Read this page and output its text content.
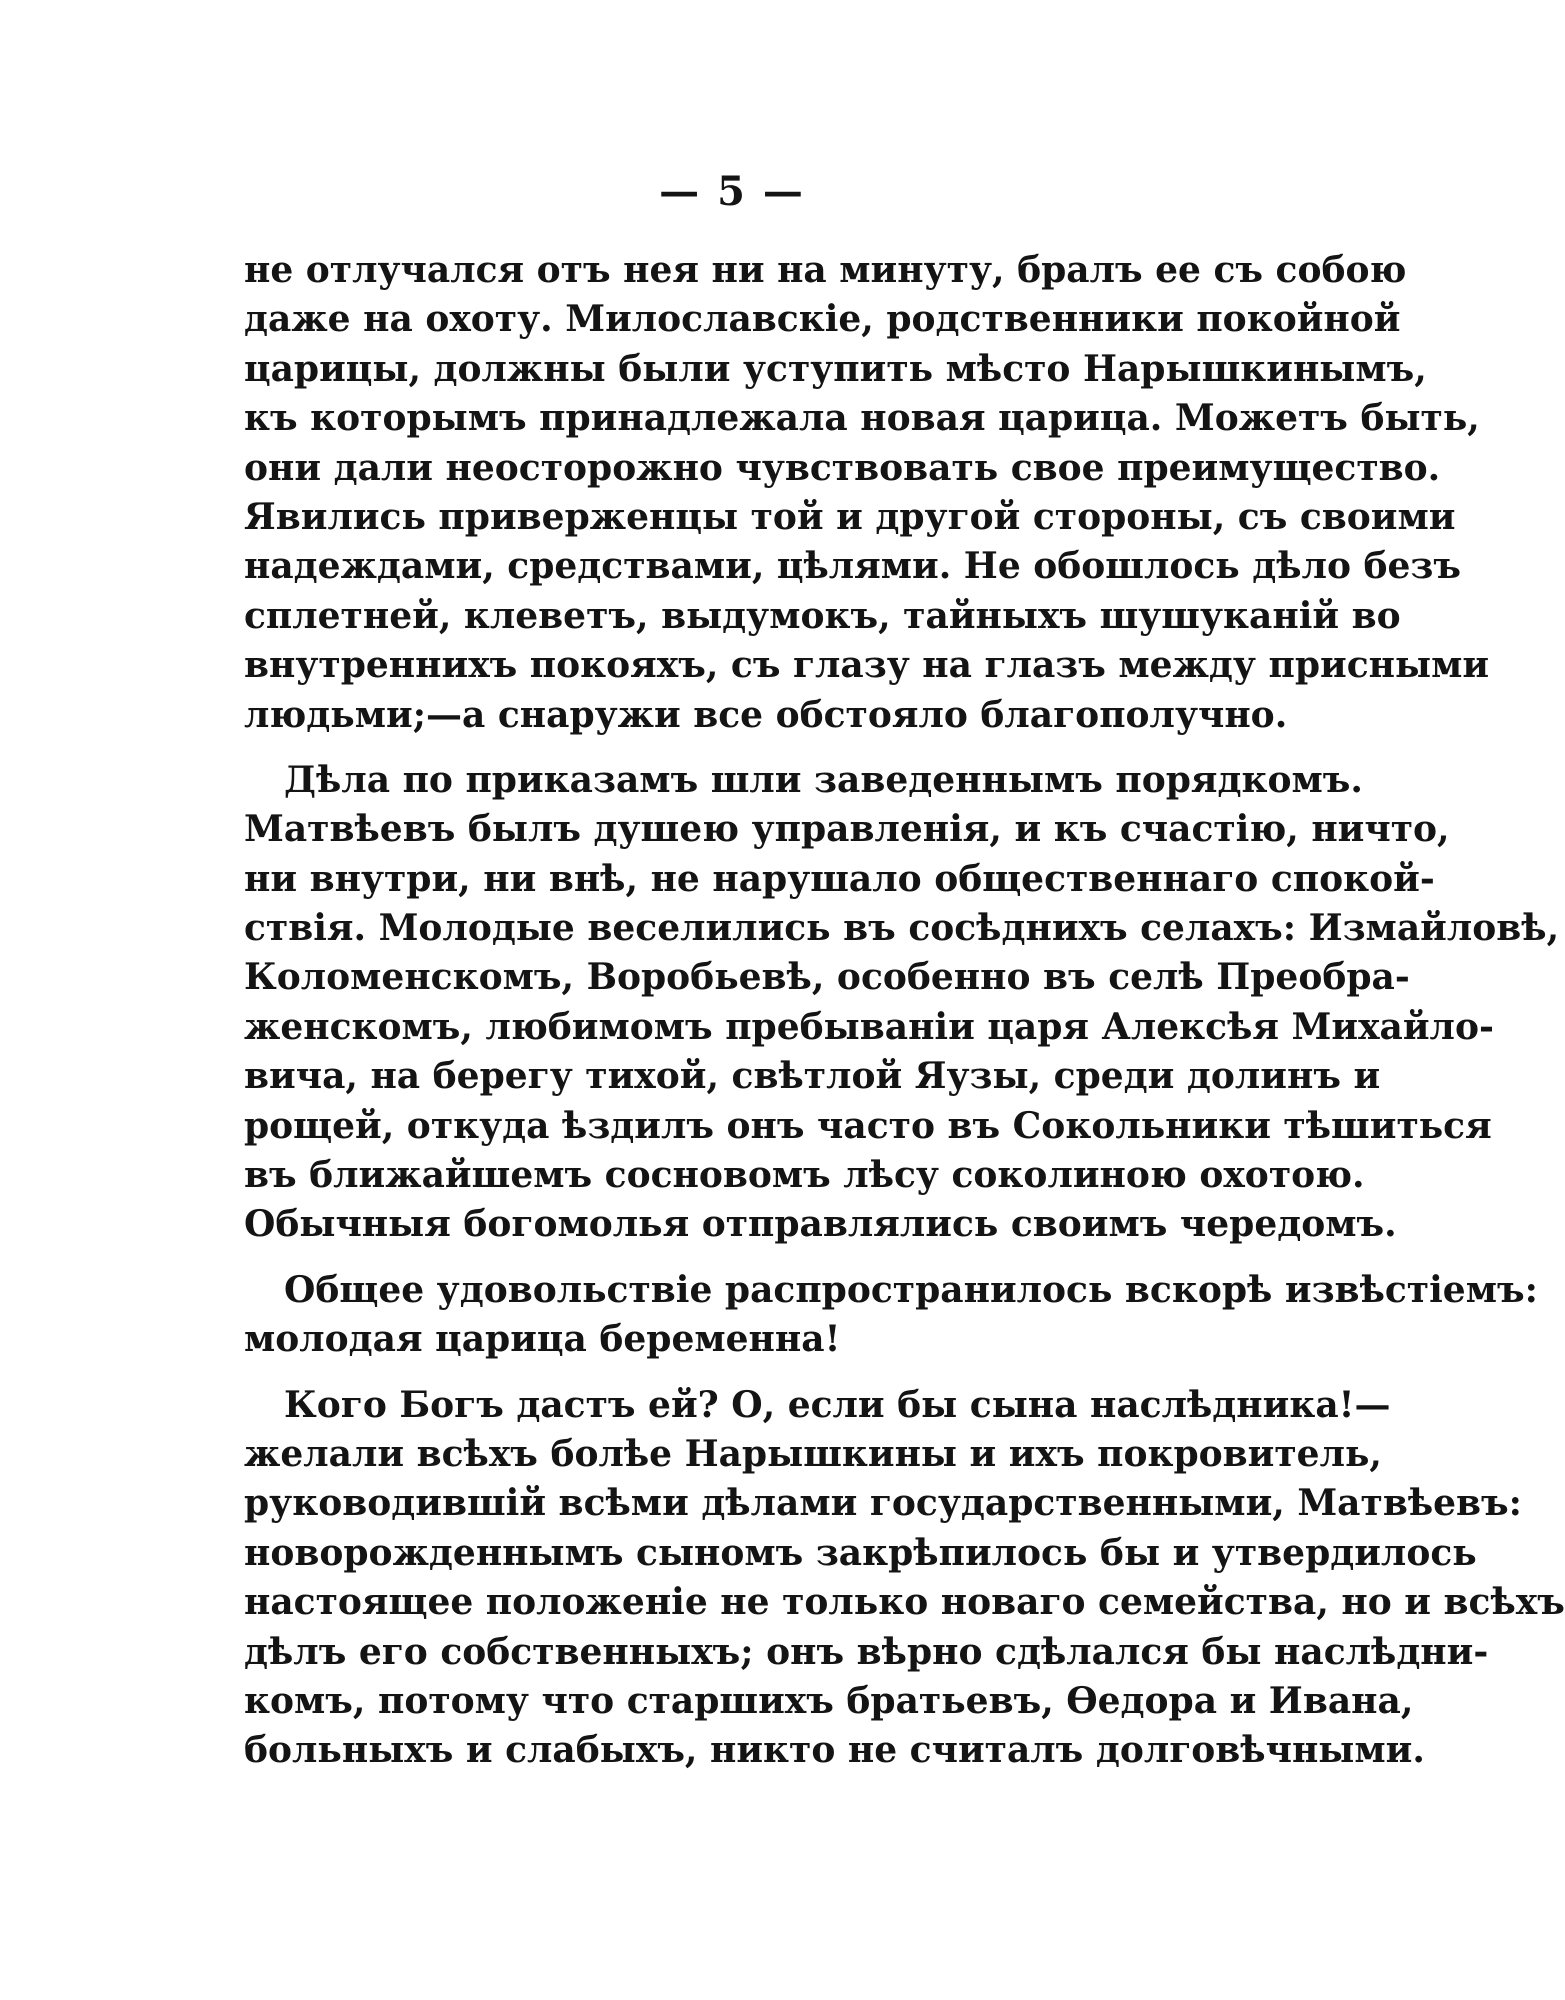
— 5 —
не отлучался отъ нея ни на минуту, бралъ ее съ собою
даже на охоту. Милославскіе, родственники покойной
царицы, должны были уступить мѣсто Нарышкинымъ,
къ которымъ принадлежала новая царица. Можетъ быть,
они дали неосторожно чувствовать свое преимущество.
Явились приверженцы той и другой стороны, съ своими
надеждами, средствами, цѣлями. Не обошлось дѣло безъ
сплетней, клеветъ, выдумокъ, тайныхъ шушуканій во
внутреннихъ покояхъ, съ глазу на глазъ между присными
людьми;—а снаружи все обстояло благополучно.
Дѣла по приказамъ шли заведеннымъ порядкомъ.
Матвѣевъ былъ душею управленія, и къ счастію, ничто,
ни внутри, ни внѣ, не нарушало общественнаго спокой-
ствія. Молодые веселились въ сосѣднихъ селахъ: Измайловѣ,
Коломенскомъ, Воробьевѣ, особенно въ селѣ Преобра-
женскомъ, любимомъ пребываніи царя Алексѣя Михайло-
вича, на берегу тихой, свѣтлой Яузы, среди долинъ и
рощей, откуда ѣздилъ онъ часто въ Сокольники тѣшиться
въ ближайшемъ сосновомъ лѣсу соколиною охотою.
Обычныя богомолья отправлялись своимъ чередомъ.
Общее удовольствіе распространилось вскорѣ извѣстіемъ:
молодая царица беременна!
Кого Богъ дастъ ей? О, если бы сына наслѣдника!—
желали всѣхъ болѣе Нарышкины и ихъ покровитель,
руководившій всѣми дѣлами государственными, Матвѣевъ:
новорожденнымъ сыномъ закрѣпилось бы и утвердилось
настоящее положеніе не только новаго семейства, но и всѣхъ
дѣлъ его собственныхъ; онъ вѣрно сдѣлался бы наслѣдни-
комъ, потому что старшихъ братьевъ, Ѳедора и Ивана,
больныхъ и слабыхъ, никто не считалъ долговѣчными.
